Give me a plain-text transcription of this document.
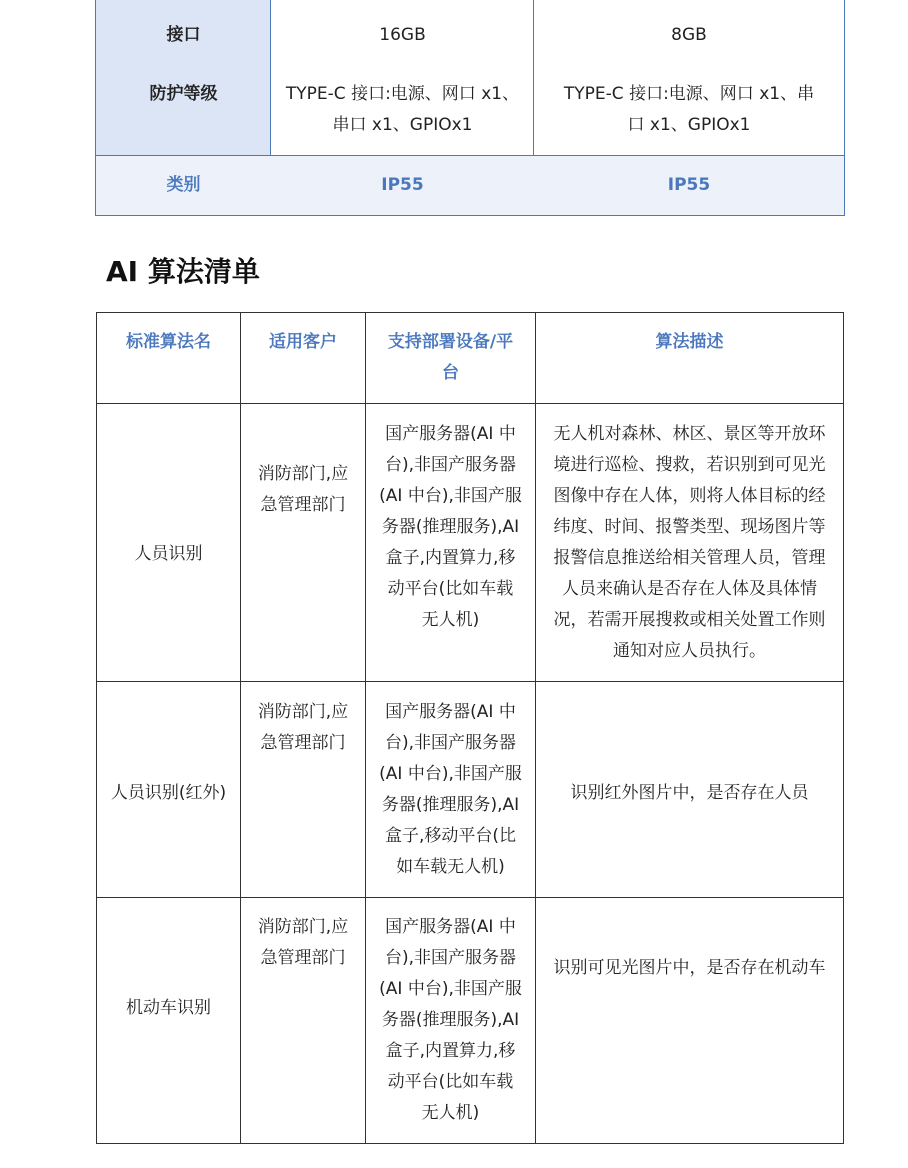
接口
防护等级
类别
16GB
TYPE-C 接口:电源、网口 x1、
串口 x1、GPIOx1
IP55
8GB
TYPE-C 接口:电源、网口 x1、串
口 x1、GPIOx1
IP55
AI 算法清单
标准算法名	适用客户	支持部署设备/平
台
算法描述
人员识别
消防部门,应
急管理部门
国产服务器(AI 中
台),非国产服务器
(AI 中台),非国产服
务器(推理服务),AI
盒子,内置算力,移
动平台(比如车载
无人机)
无人机对森林、林区、景区等开放环
境进行巡检、搜救，若识别到可见光
图像中存在人体，则将人体目标的经
纬度、时间、报警类型、现场图片等
报警信息推送给相关管理人员，管理
人员来确认是否存在人体及具体情
况，若需开展搜救或相关处置工作则
通知对应人员执行。
人员识别(红外)
消防部门,应
急管理部门
国产服务器(AI 中
台),非国产服务器
(AI 中台),非国产服
务器(推理服务),AI
盒子,移动平台(比
如车载无人机)
识别红外图片中，是否存在人员
机动车识别
消防部门,应
急管理部门
国产服务器(AI 中
台),非国产服务器
(AI 中台),非国产服
务器(推理服务),AI
盒子,内置算力,移
动平台(比如车载
无人机)
识别可见光图片中，是否存在机动车
